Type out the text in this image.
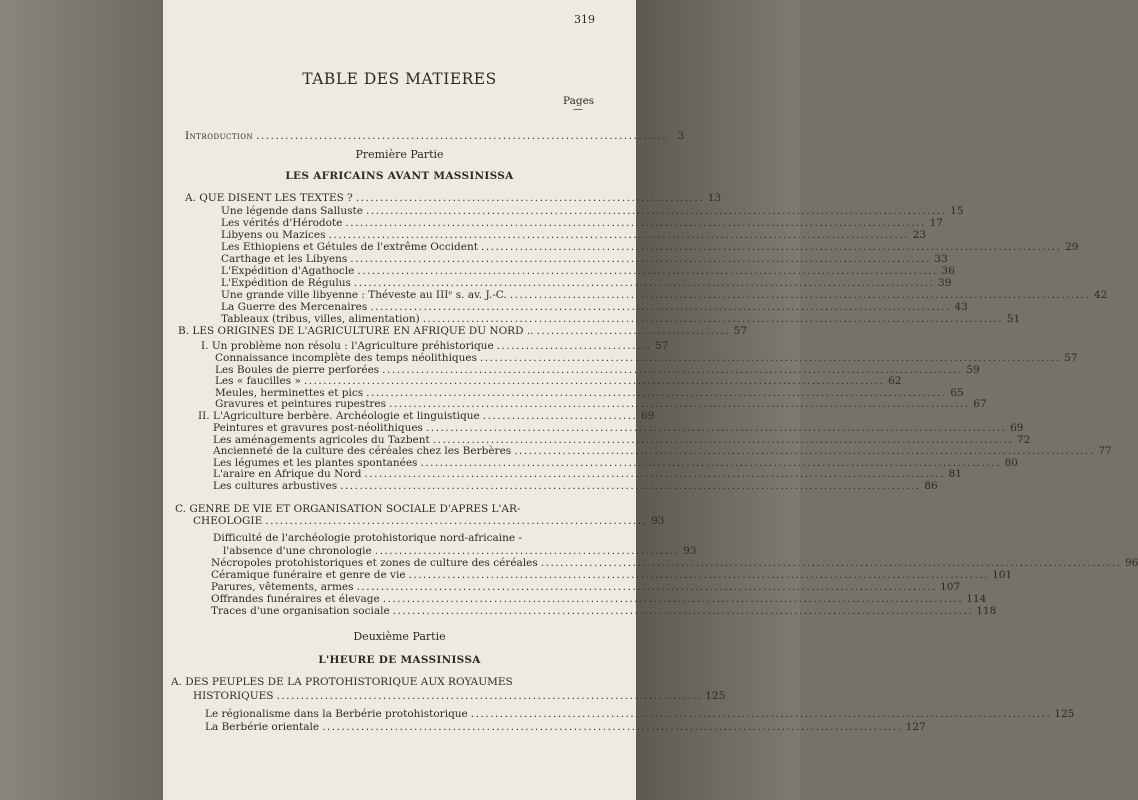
319
TABLE DES MATIERES
Pages
—
Introduction ..................................................................................... 3
Première Partie
LES AFRICAINS AVANT MASSINISSA
A. QUE DISENT LES TEXTES ? ........................................................................ 13
Une légende dans Salluste ........................................................................................................................ 15
Les vérités d'Hérodote ........................................................................................................................ 17
Libyens ou Mazices ........................................................................................................................ 23
Les Ethiopiens et Gétules de l'extrême Occident ........................................................................................................................ 29
Carthage et les Libyens ........................................................................................................................ 33
L'Expédition d'Agathocle ........................................................................................................................ 36
L'Expédition de Régulus ........................................................................................................................ 39
Une grande ville libyenne : Théveste au IIIᵉ s. av. J.-C. ........................................................................................................................ 42
La Guerre des Mercenaires ........................................................................................................................ 43
Tableaux (tribus, villes, alimentation) ........................................................................................................................ 51
B. LES ORIGINES DE L'AGRICULTURE EN AFRIQUE DU NORD .. ........................................ 57
I. Un problème non résolu : l'Agriculture préhistorique ................................ 57
Connaissance incomplète des temps néolithiques ........................................................................................................................ 57
Les Boules de pierre perforées ........................................................................................................................ 59
Les « faucilles » ........................................................................................................................ 62
Meules, herminettes et pics ........................................................................................................................ 65
Gravures et peintures rupestres ........................................................................................................................ 67
II. L'Agriculture berbère. Archéologie et linguistique ................................ 69
Peintures et gravures post-néolithiques ........................................................................................................................ 69
Les aménagements agricoles du Tazbent ........................................................................................................................ 72
Ancienneté de la culture des céréales chez les Berbères ........................................................................................................................ 77
Les légumes et les plantes spontanées ........................................................................................................................ 80
L'araire en Afrique du Nord ........................................................................................................................ 81
Les cultures arbustives ........................................................................................................................ 86
C. GENRE DE VIE ET ORGANISATION SOCIALE D'APRES L'AR-
CHEOLOGIE ............................................................................... 93
Difficulté de l'archéologie protohistorique nord-africaine -
l'absence d'une chronologie ............................................................... 93
Nécropoles protohistoriques et zones de culture des céréales ........................................................................................................................ 96
Céramique funéraire et genre de vie ........................................................................................................................ 101
Parures, vêtements, armes ........................................................................................................................ 107
Offrandes funéraires et élevage ........................................................................................................................ 114
Traces d'une organisation sociale ........................................................................................................................ 118
Deuxième Partie
L'HEURE DE MASSINISSA
A. DES PEUPLES DE LA PROTOHISTORIQUE AUX ROYAUMES
HISTORIQUES ........................................................................................ 125
Le régionalisme dans la Berbérie protohistorique ........................................................................................................................ 125
La Berbérie orientale ........................................................................................................................ 127
